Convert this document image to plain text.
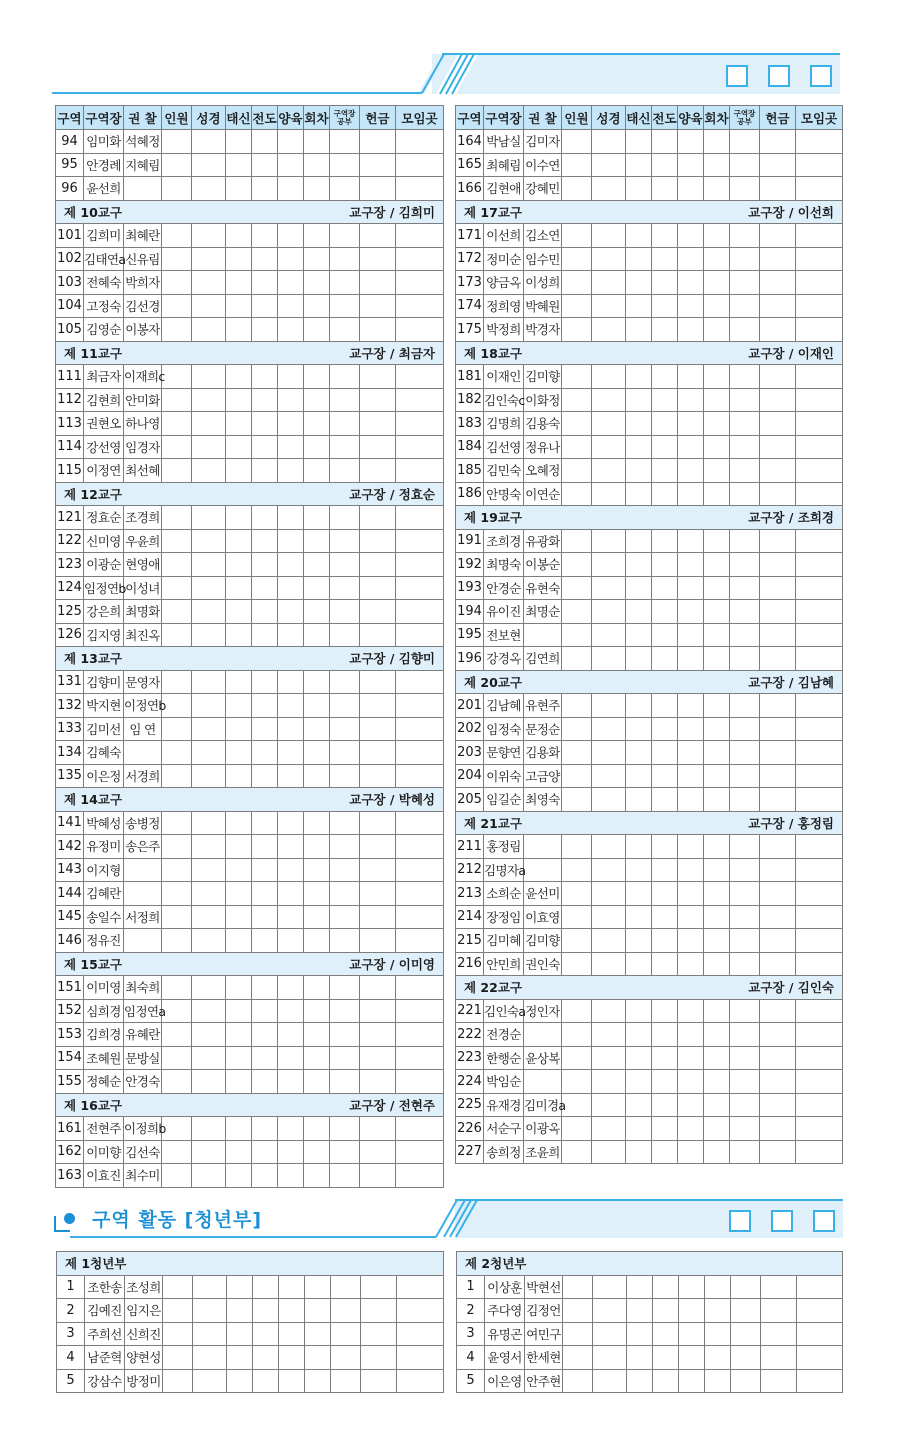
구역	구역장	권 찰	인원	성경	태신	전도	양육	회차	구역장
공부	헌금	모임곳
94	임미화	석혜정									
95	안경례	지혜림									
96	윤선희										
제 10교구 교구장 / 김희미											

101	김희미	최혜란									
102	김태연a	신유림									
103	전혜숙	박희자									
104	고정숙	김선경									
105	김영순	이봉자									
제 11교구 교구장 / 최금자											

111	최금자	이재희c									
112	김현희	안미화									
113	권현오	하나영									
114	강선영	임경자									
115	이정연	최선혜									
제 12교구 교구장 / 정효순											

121	정효순	조경희									
122	신미영	우윤희									
123	이광순	현영애									
124	임정연b	이성녀									
125	강은희	최명화									
126	김지영	최진옥									
제 13교구 교구장 / 김향미											

131	김향미	문영자									
132	박지현	이정연b									
133	김미선	임 연									
134	김혜숙										
135	이은정	서경희									
제 14교구 교구장 / 박혜성											

141	박혜성	송병정									
142	유정미	송은주									
143	이지형										
144	김혜란										
145	송일수	서정희									
146	정유진										
제 15교구 교구장 / 이미영											

151	이미영	최숙희									
152	심희경	임정연a									
153	김희경	유혜란									
154	조혜원	문방실									
155	정혜순	안경숙									
제 16교구 교구장 / 전현주											

161	전현주	이정희b									
162	이미향	김선숙									
163	이효진	최수미									
구역	구역장	권 찰	인원	성경	태신	전도	양육	회차	구역장
공부	헌금	모임곳
164	박남실	김미자									
165	최혜림	이수연									
166	김현애	강혜민									
제 17교구 교구장 / 이선희											

171	이선희	김소연									
172	정미순	임수민									
173	양금옥	이성희									
174	정희영	박혜원									
175	박정희	박경자									
제 18교구 교구장 / 이재인											

181	이재인	김미향									
182	김인숙c	이화정									
183	김명희	김용숙									
184	김선영	정유나									
185	김민숙	오혜정									
186	안명숙	이연순									
제 19교구 교구장 / 조희경											

191	조희경	유광화									
192	최명숙	이봉순									
193	안경순	유현숙									
194	유이진	최명순									
195	전보현										
196	강경옥	김연희									
제 20교구 교구장 / 김남혜											

201	김남혜	유현주									
202	임정숙	문정순									
203	문향연	김용화									
204	이위숙	고금양									
205	임길순	최영숙									
제 21교구 교구장 / 홍정림											

211	홍정림										
212	김명자a										
213	소희순	윤선미									
214	장정임	이효영									
215	김미혜	김미향									
216	안민희	권인숙									
제 22교구 교구장 / 김인숙											

221	김인숙a	정인자									
222	전경순										
223	한행순	윤상복									
224	박임순										
225	유재경	김미경a									
226	서순구	이광옥									
227	송희정	조윤희									
구역 활동 [청년부]
제 1청년부											
1	조한송	조성희									
2	김예진	임지은									
3	주희선	신희진									
4	남준혁	양현성									
5	강삼수	방정미									
제 2청년부											
1	이상훈	박현선									
2	주다영	김정언									
3	유명곤	여민구									
4	윤영서	한세현									
5	이은영	안주현									
